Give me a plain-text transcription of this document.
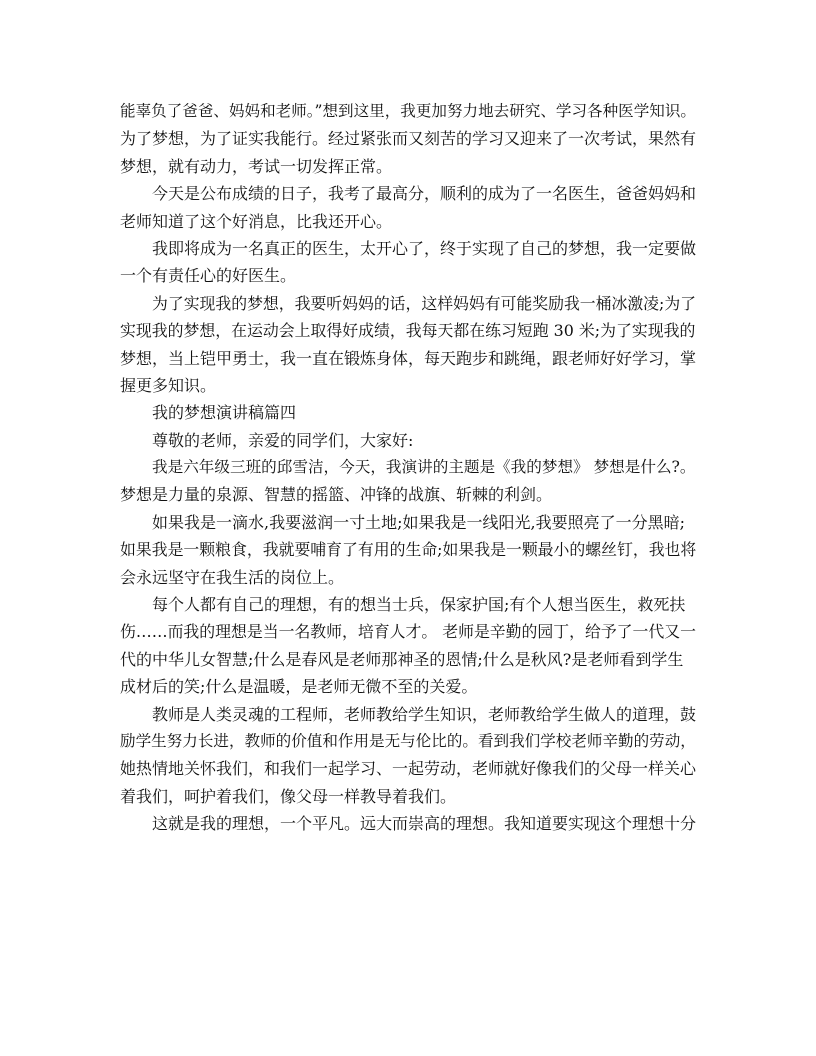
能辜负了爸爸、妈妈和老师。”想到这里，我更加努力地去研究、学习各种医学知识。
为了梦想，为了证实我能行。经过紧张而又刻苦的学习又迎来了一次考试，果然有
梦想，就有动力，考试一切发挥正常。
今天是公布成绩的日子，我考了最高分，顺利的成为了一名医生，爸爸妈妈和
老师知道了这个好消息，比我还开心。
我即将成为一名真正的医生，太开心了，终于实现了自己的梦想，我一定要做
一个有责任心的好医生。
为了实现我的梦想，我要听妈妈的话，这样妈妈有可能奖励我一桶冰激凌;为了
实现我的梦想，在运动会上取得好成绩，我每天都在练习短跑 30 米;为了实现我的
梦想，当上铠甲勇士，我一直在锻炼身体，每天跑步和跳绳，跟老师好好学习，掌
握更多知识。
我的梦想演讲稿篇四
尊敬的老师，亲爱的同学们，大家好:
我是六年级三班的邱雪洁，今天，我演讲的主题是《我的梦想》 梦想是什么?。
梦想是力量的泉源、智慧的摇篮、冲锋的战旗、斩棘的利剑。
如果我是一滴水,我要滋润一寸土地;如果我是一线阳光,我要照亮了一分黑暗;
如果我是一颗粮食，我就要哺育了有用的生命;如果我是一颗最小的螺丝钉，我也将
会永远坚守在我生活的岗位上。
每个人都有自己的理想，有的想当士兵，保家护国;有个人想当医生，救死扶
伤……而我的理想是当一名教师，培育人才。 老师是辛勤的园丁，给予了一代又一
代的中华儿女智慧;什么是春风是老师那神圣的恩情;什么是秋风?是老师看到学生
成材后的笑;什么是温暖，是老师无微不至的关爱。
教师是人类灵魂的工程师，老师教给学生知识，老师教给学生做人的道理，鼓
励学生努力长进，教师的价值和作用是无与伦比的。看到我们学校老师辛勤的劳动，
她热情地关怀我们，和我们一起学习、一起劳动，老师就好像我们的父母一样关心
着我们，呵护着我们，像父母一样教导着我们。
这就是我的理想，一个平凡。远大而崇高的理想。我知道要实现这个理想十分
